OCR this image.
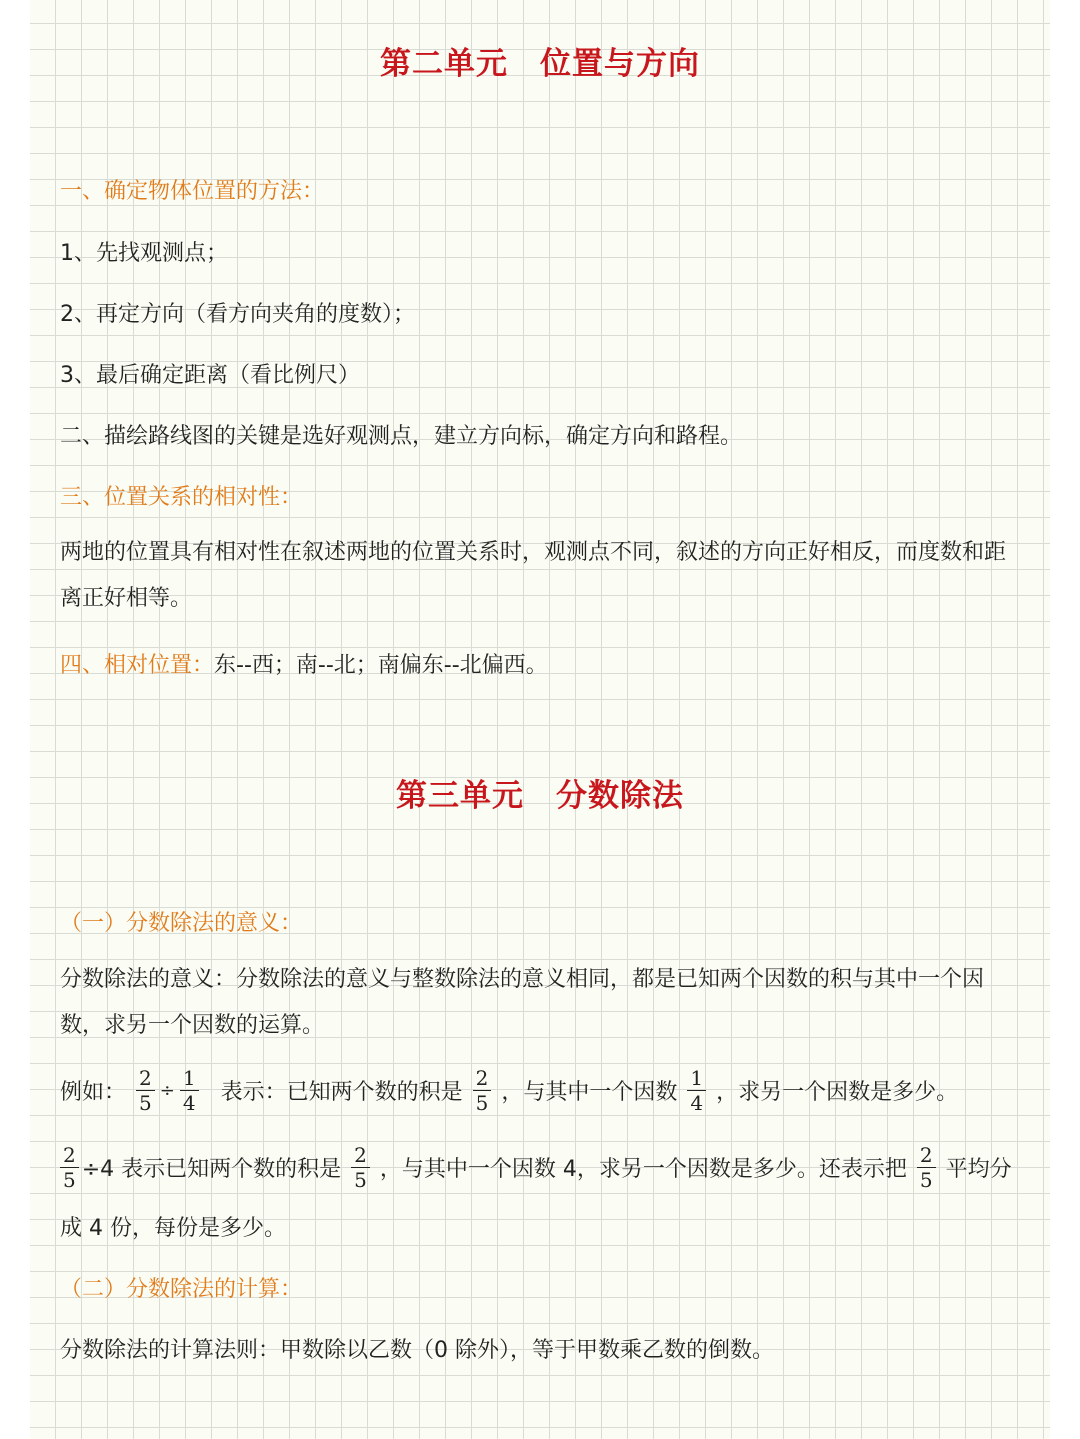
第二单元　位置与方向
一、确定物体位置的方法：
1、先找观测点；
2、再定方向（看方向夹角的度数）；
3、最后确定距离（看比例尺）
二、描绘路线图的关键是选好观测点，建立方向标，确定方向和路程。
三、位置关系的相对性：
两地的位置具有相对性在叙述两地的位置关系时，观测点不同，叙述的方向正好相反，而度数和距离正好相等。
四、相对位置：东--西；南--北；南偏东--北偏西。
第三单元　分数除法
（一）分数除法的意义：
分数除法的意义：分数除法的意义与整数除法的意义相同，都是已知两个因数的积与其中一个因数，求另一个因数的运算。
例如： $\frac{2}{5} \div \frac{1}{4}$ 表示：已知两个数的积是 $\frac{2}{5}$ ，与其中一个因数 $\frac{1}{4}$ ，求另一个因数是多少。
$\frac{2}{5} \div 4$ 表示已知两个数的积是 $\frac{2}{5}$ ，与其中一个因数 4，求另一个因数是多少。还表示把 $\frac{2}{5}$ 平均分
成 4 份，每份是多少。
（二）分数除法的计算：
分数除法的计算法则：甲数除以乙数（0 除外），等于甲数乘乙数的倒数。
